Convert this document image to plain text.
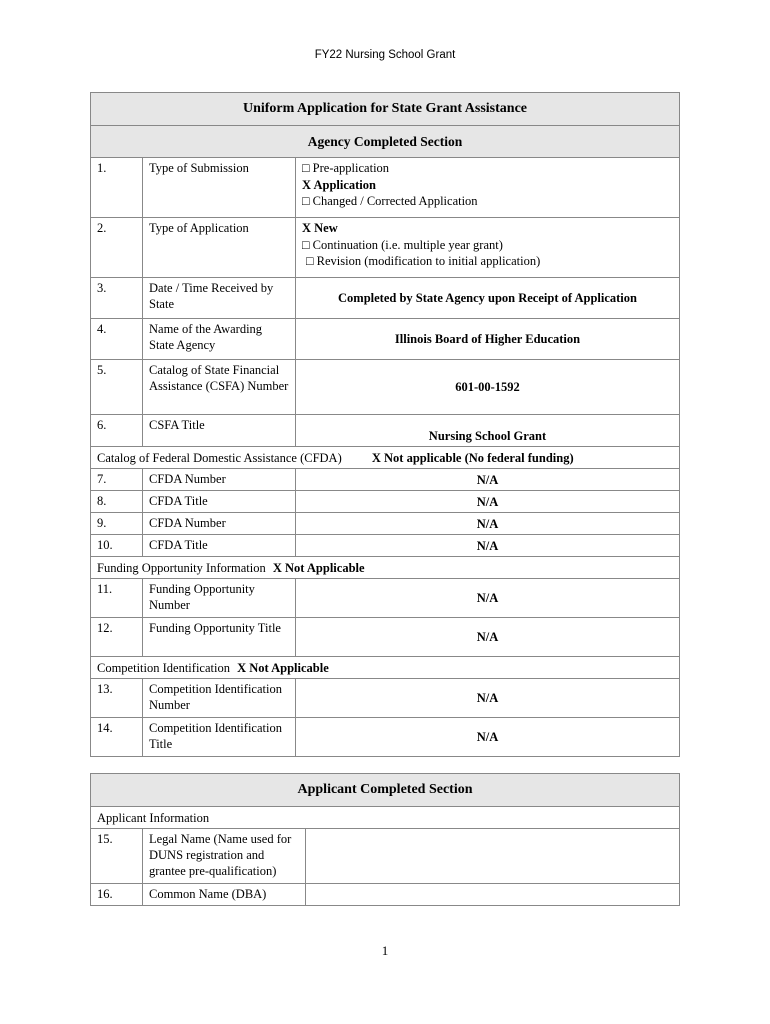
FY22 Nursing School Grant
Uniform Application for State Grant Assistance		
Agency Completed Section		
1.	Type of Submission	□ Pre-application
X Application
□ Changed / Corrected Application

2.	Type of Application	X New
□ Continuation (i.e. multiple year grant)
□ Revision (modification to initial application)

3.	Date / Time Received by State	Completed by State Agency upon Receipt of Application
4.	Name of the Awarding State Agency	Illinois Board of Higher Education
5.	Catalog of State Financial Assistance (CSFA) Number	601-00-1592
6.	CSFA Title	Nursing School Grant
Catalog of Federal Domestic Assistance (CFDA) X Not applicable (No federal funding)		
7.	CFDA Number	N/A
8.	CFDA Title	N/A
9.	CFDA Number	N/A
10.	CFDA Title	N/A
Funding Opportunity Information X Not Applicable		
11.	Funding Opportunity Number	N/A
12.	Funding Opportunity Title	N/A
Competition Identification X Not Applicable		
13.	Competition Identification Number	N/A
14.	Competition Identification Title	N/A
Applicant Completed Section		
Applicant Information		
15.	Legal Name (Name used for DUNS registration and grantee pre-qualification)	
16.	Common Name (DBA)	
1
